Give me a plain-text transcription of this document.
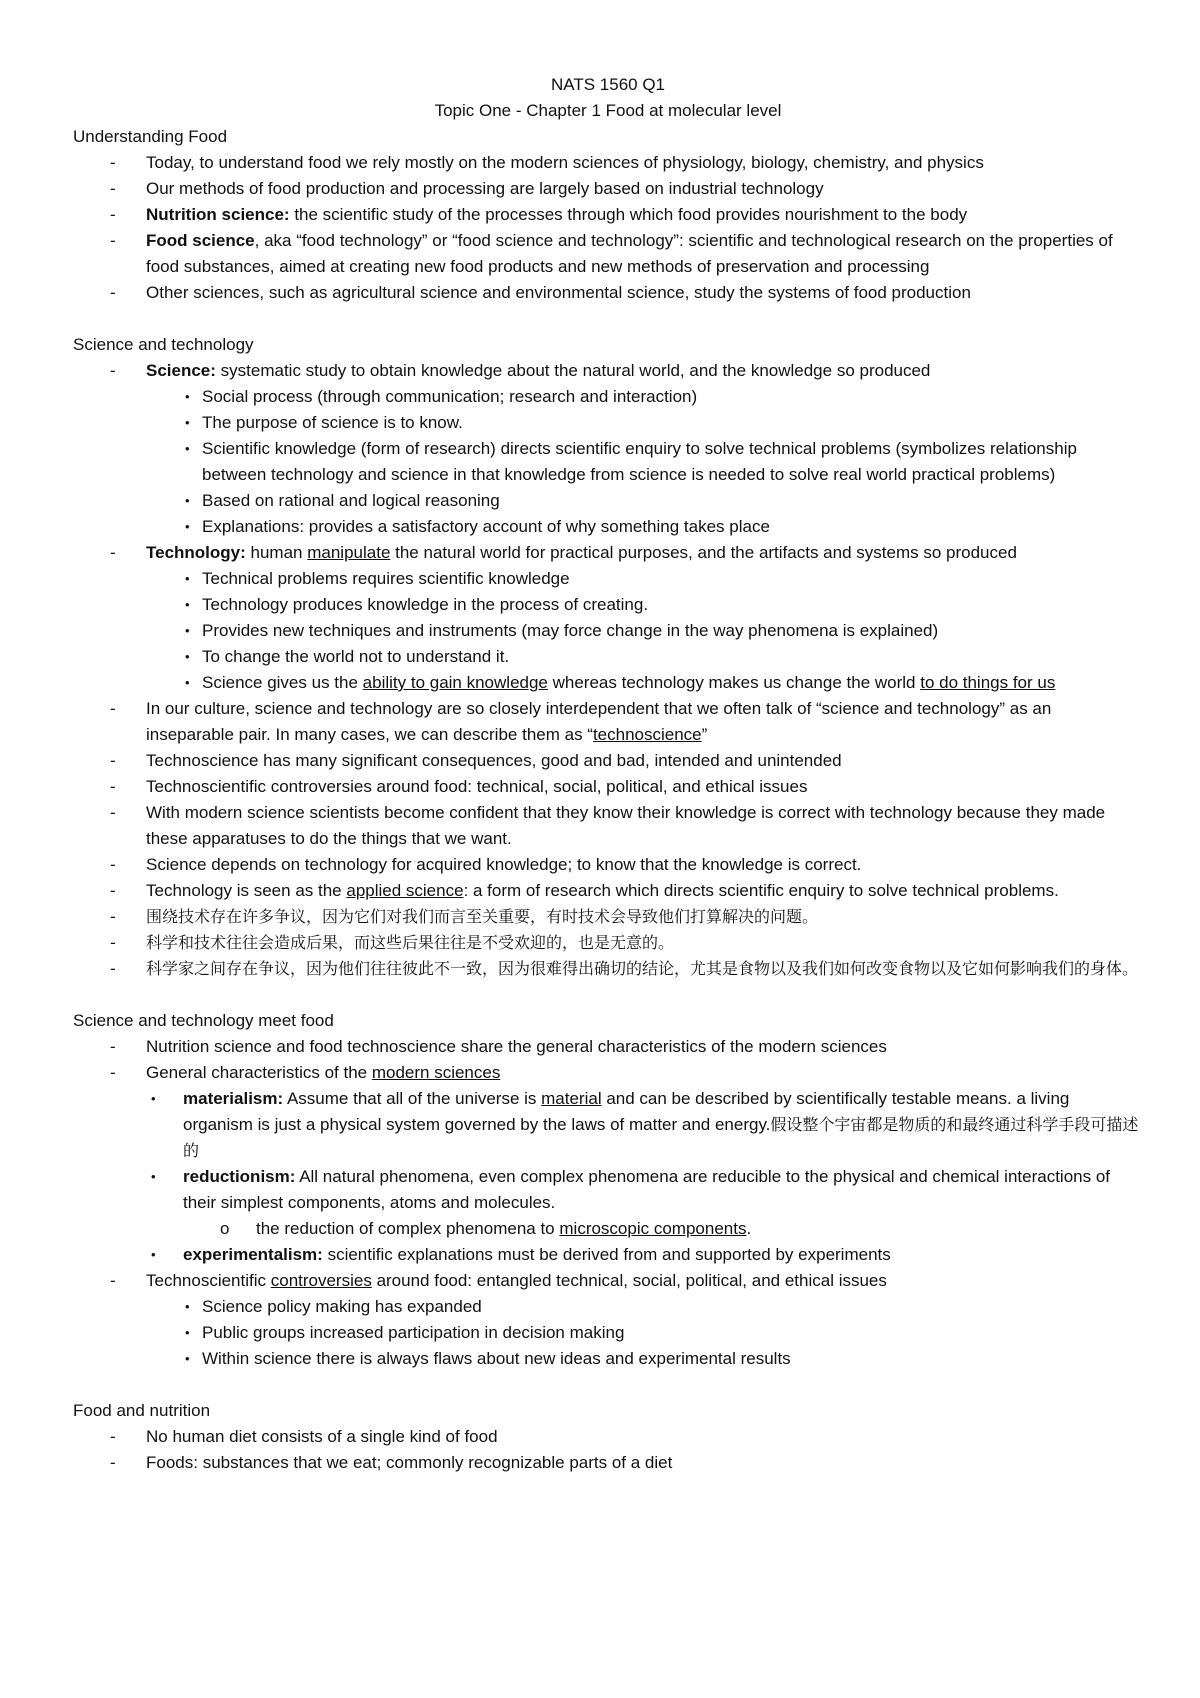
NATS 1560 Q1

Topic One - Chapter 1 Food at molecular level

Understanding Food

- Today, to understand food we rely mostly on the modern sciences of physiology, biology, chemistry, and physics
- Our methods of food production and processing are largely based on industrial technology
- Nutrition science: the scientific study of the processes through which food provides nourishment to the body
- Food science, aka “food technology” or “food science and technology”: scientific and technological research on the properties of food substances, aimed at creating new food products and new methods of preservation and processing
- Other sciences, such as agricultural science and environmental science, study the systems of food production

Science and technology

- Science: systematic study to obtain knowledge about the natural world, and the knowledge so produced
• Social process (through communication; research and interaction)
• The purpose of science is to know.
• Scientific knowledge (form of research) directs scientific enquiry to solve technical problems (symbolizes relationship between technology and science in that knowledge from science is needed to solve real world practical problems)
• Based on rational and logical reasoning
• Explanations: provides a satisfactory account of why something takes place
- Technology: human manipulate the natural world for practical purposes, and the artifacts and systems so produced
• Technical problems requires scientific knowledge
• Technology produces knowledge in the process of creating.
• Provides new techniques and instruments (may force change in the way phenomena is explained)
• To change the world not to understand it.
• Science gives us the ability to gain knowledge whereas technology makes us change the world to do things for us
- In our culture, science and technology are so closely interdependent that we often talk of “science and technology” as an inseparable pair. In many cases, we can describe them as “technoscience”
- Technoscience has many significant consequences, good and bad, intended and unintended
- Technoscientific controversies around food: technical, social, political, and ethical issues
- With modern science scientists become confident that they know their knowledge is correct with technology because they made these apparatuses to do the things that we want.
- Science depends on technology for acquired knowledge; to know that the knowledge is correct.
- Technology is seen as the applied science: a form of research which directs scientific enquiry to solve technical problems.
- 围绕技术存在许多争议，因为它们对我们而言至关重要，有时技术会导致他们打算解决的问题。
- 科学和技术往往会造成后果，而这些后果往往是不受欢迎的，也是无意的。
- 科学家之间存在争议，因为他们往往彼此不一致，因为很难得出确切的结论，尤其是食物以及我们如何改变食物以及它如何影响我们的身体。

Science and technology meet food

- Nutrition science and food technoscience share the general characteristics of the modern sciences
- General characteristics of the modern sciences
• materialism: Assume that all of the universe is material and can be described by scientifically testable means. a living organism is just a physical system governed by the laws of matter and energy.假设整个宇宙都是物质的和最终通过科学手段可描述的
• reductionism: All natural phenomena, even complex phenomena are reducible to the physical and chemical interactions of their simplest components, atoms and molecules.
o the reduction of complex phenomena to microscopic components.
• experimentalism: scientific explanations must be derived from and supported by experiments
- Technoscientific controversies around food: entangled technical, social, political, and ethical issues
• Science policy making has expanded
• Public groups increased participation in decision making
• Within science there is always flaws about new ideas and experimental results

Food and nutrition

- No human diet consists of a single kind of food
- Foods: substances that we eat; commonly recognizable parts of a diet
